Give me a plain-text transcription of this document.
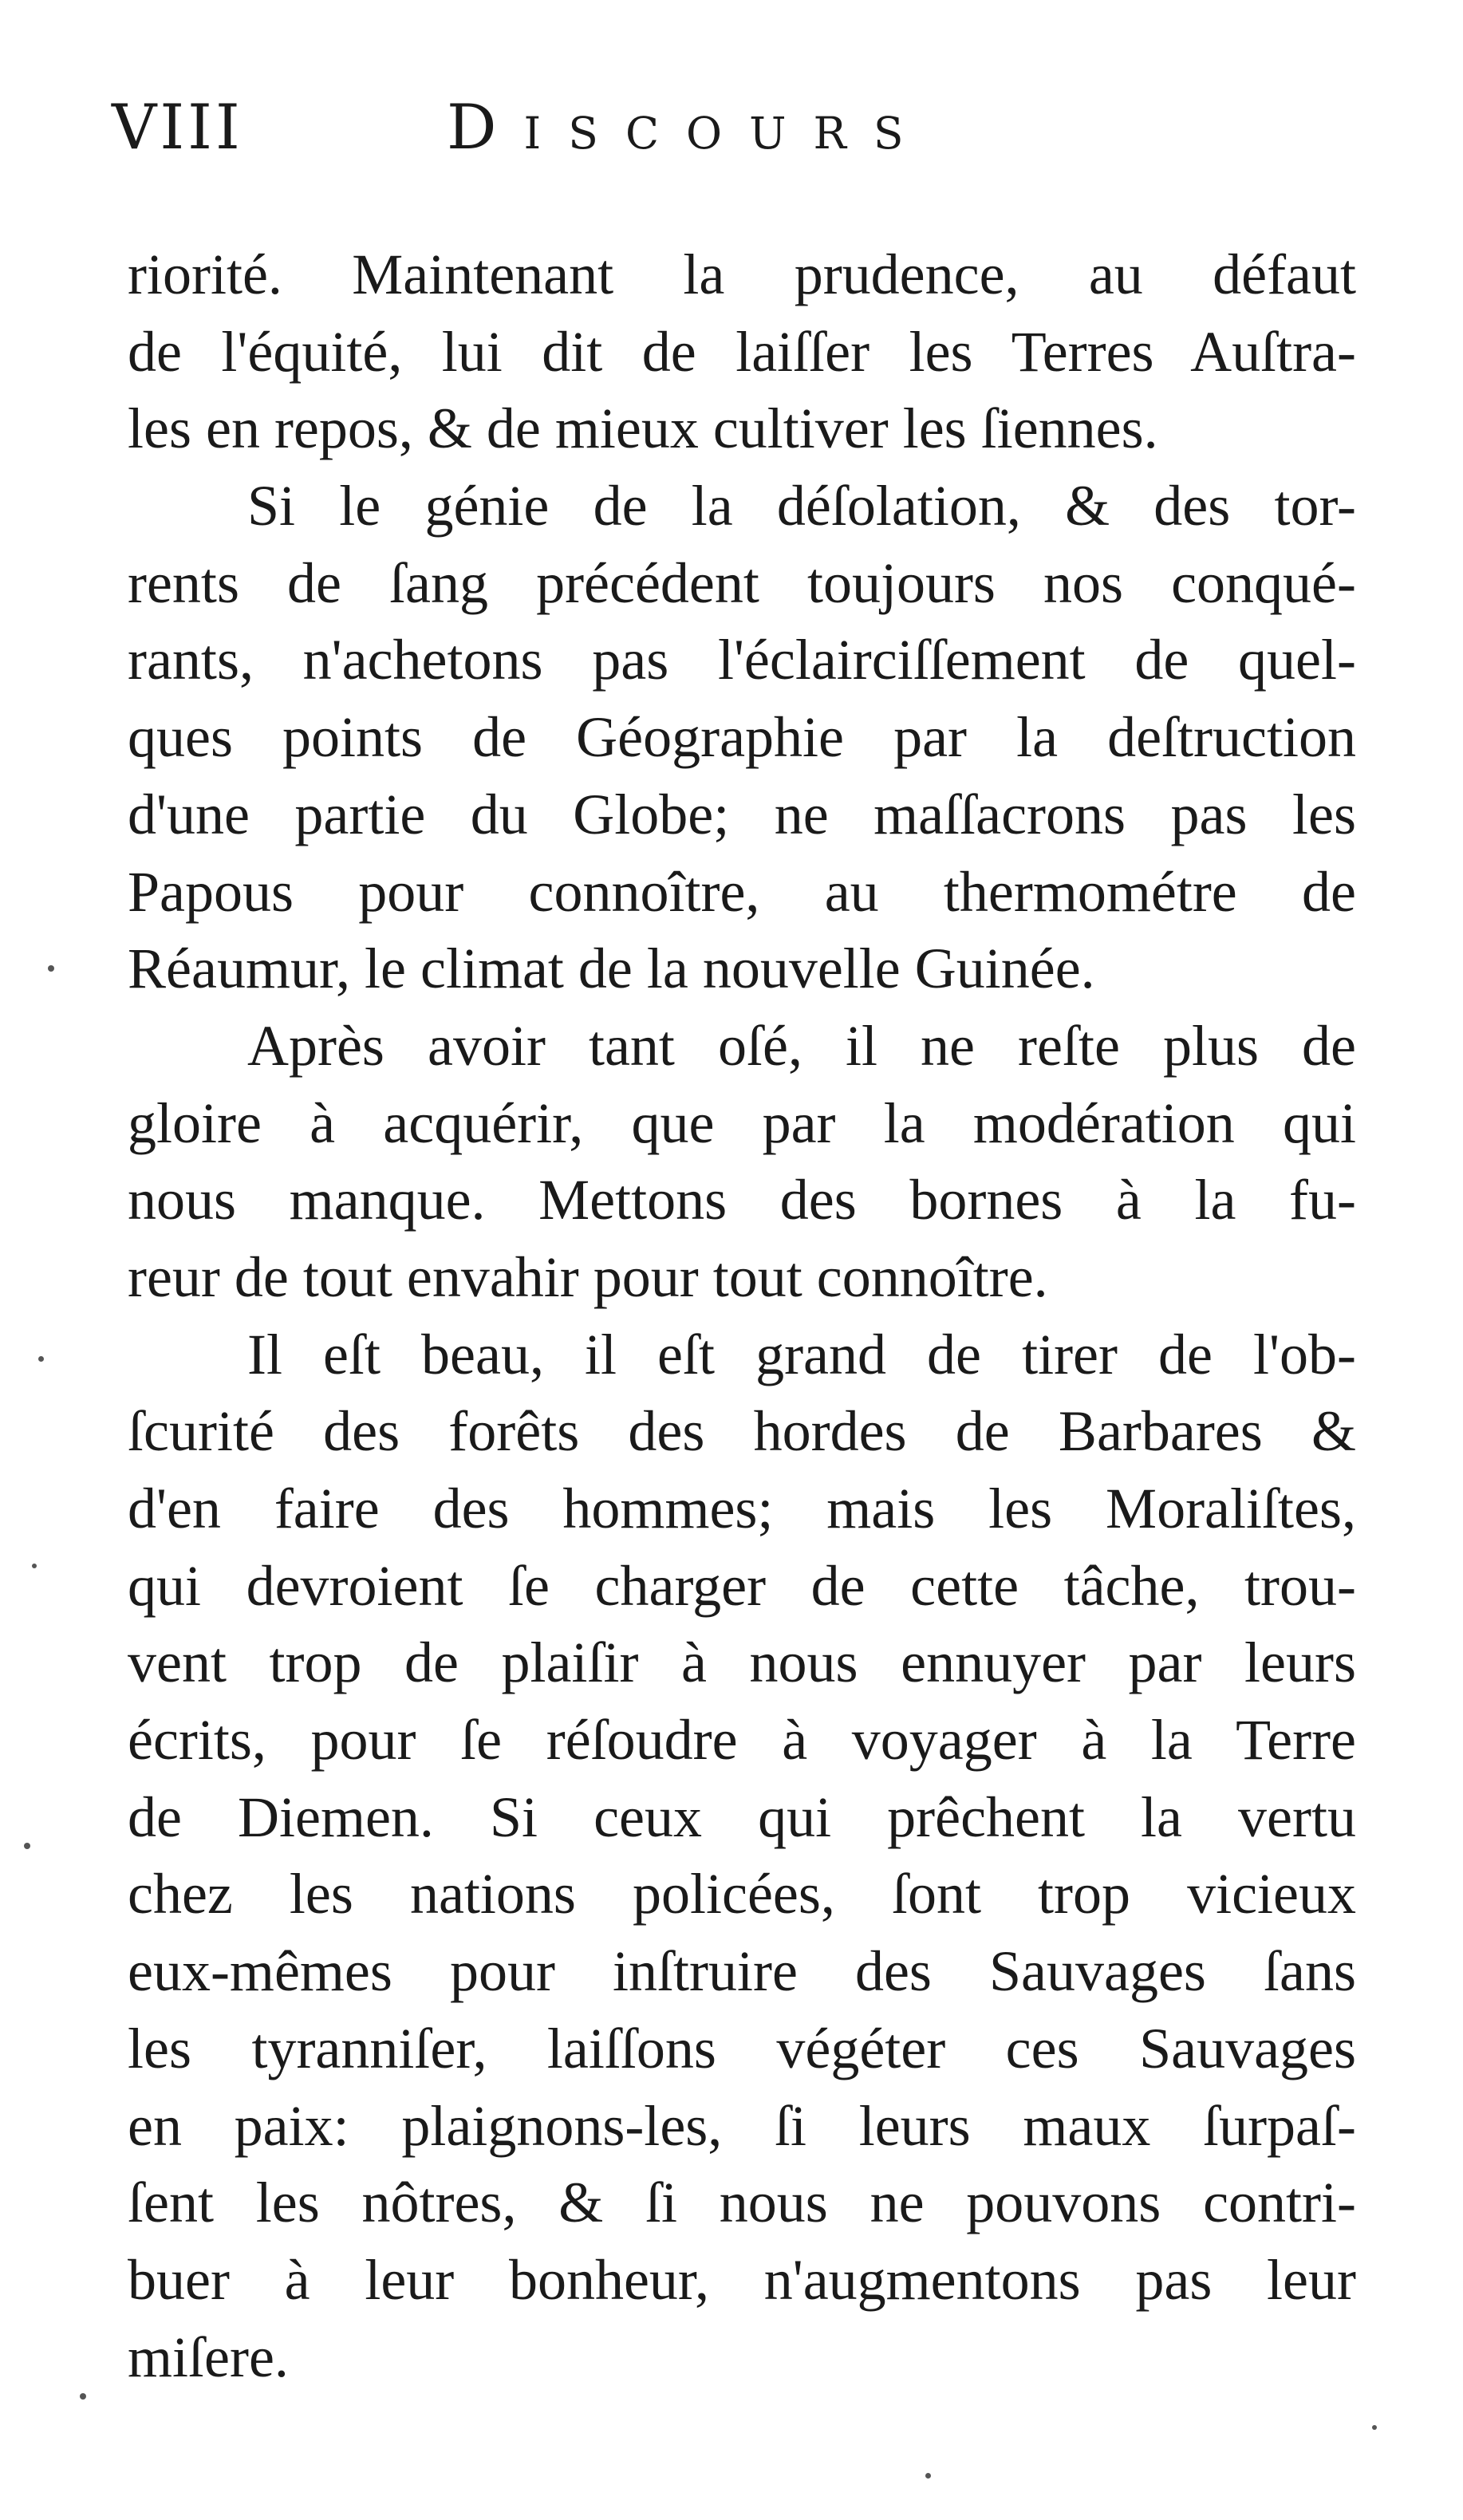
VIII	Discours
riorité. Maintenant la prudence, au défaut
de l'équité, lui dit de laiſſer les Terres Auſtra-
les en repos, & de mieux cultiver les ſiennes.
Si le génie de la déſolation, & des tor-
rents de ſang précédent toujours nos conqué-
rants, n'achetons pas l'éclairciſſement de quel-
ques points de Géographie par la deſtruction
d'une partie du Globe; ne maſſacrons pas les
Papous pour connoître, au thermométre de
Réaumur, le climat de la nouvelle Guinée.
Après avoir tant oſé, il ne reſte plus de
gloire à acquérir, que par la modération qui
nous manque. Mettons des bornes à la fu-
reur de tout envahir pour tout connoître.
Il eſt beau, il eſt grand de tirer de l'ob-
ſcurité des forêts des hordes de Barbares &
d'en faire des hommes; mais les Moraliſtes,
qui devroient ſe charger de cette tâche, trou-
vent trop de plaiſir à nous ennuyer par leurs
écrits, pour ſe réſoudre à voyager à la Terre
de Diemen. Si ceux qui prêchent la vertu
chez les nations policées, ſont trop vicieux
eux-mêmes pour inſtruire des Sauvages ſans
les tyranniſer, laiſſons végéter ces Sauvages
en paix: plaignons-les, ſi leurs maux ſurpaſ-
ſent les nôtres, & ſi nous ne pouvons contri-
buer à leur bonheur, n'augmentons pas leur
miſere.
